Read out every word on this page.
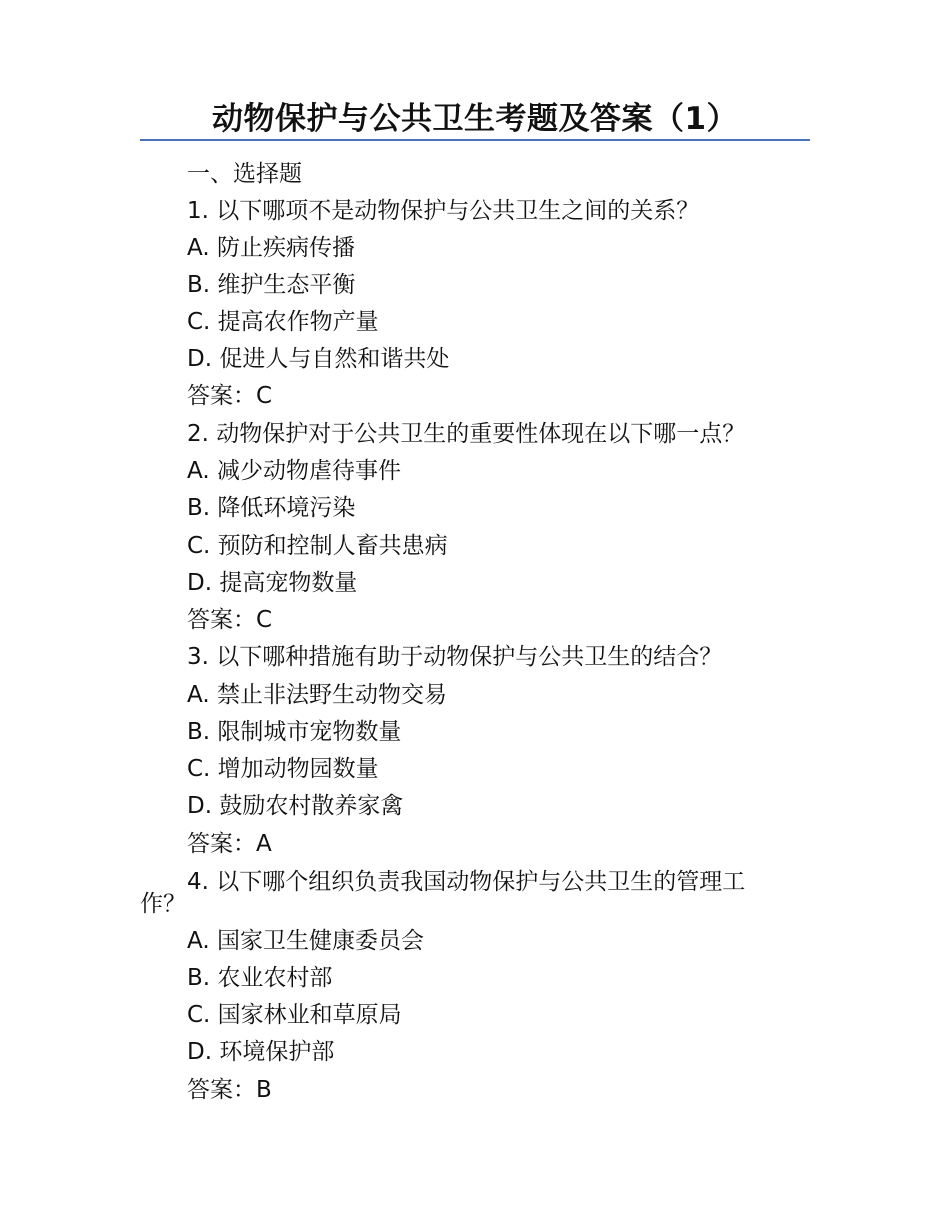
动物保护与公共卫生考题及答案（1）
一、选择题
1. 以下哪项不是动物保护与公共卫生之间的关系？
A. 防止疾病传播
B. 维护生态平衡
C. 提高农作物产量
D. 促进人与自然和谐共处
答案：C
2. 动物保护对于公共卫生的重要性体现在以下哪一点？
A. 减少动物虐待事件
B. 降低环境污染
C. 预防和控制人畜共患病
D. 提高宠物数量
答案：C
3. 以下哪种措施有助于动物保护与公共卫生的结合？
A. 禁止非法野生动物交易
B. 限制城市宠物数量
C. 增加动物园数量
D. 鼓励农村散养家禽
答案：A
4. 以下哪个组织负责我国动物保护与公共卫生的管理工
作？
A. 国家卫生健康委员会
B. 农业农村部
C. 国家林业和草原局
D. 环境保护部
答案：B
